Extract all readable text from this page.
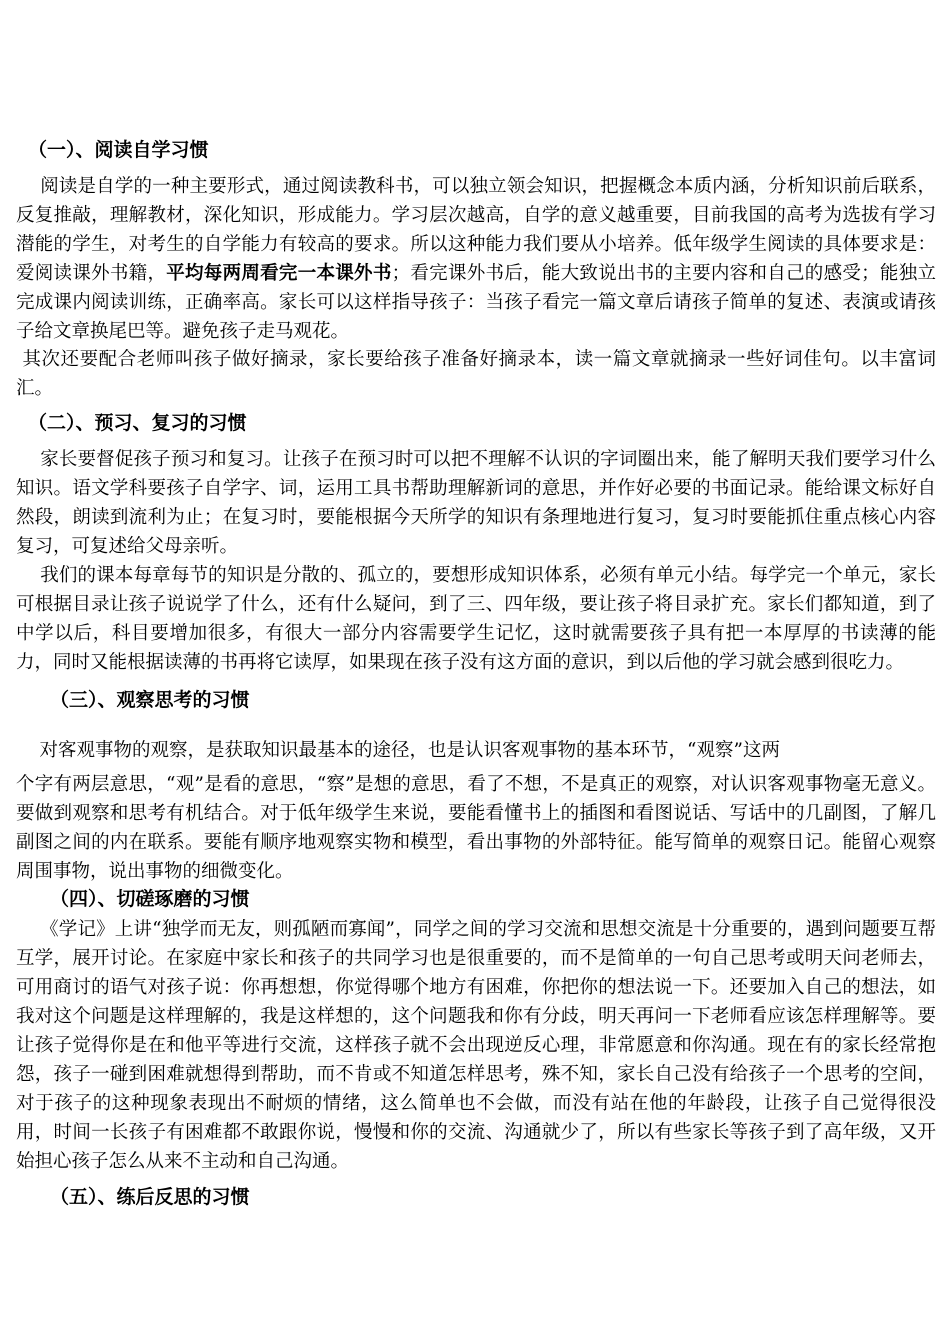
（一）、阅读自学习惯
阅读是自学的一种主要形式，通过阅读教科书，可以独立领会知识，把握概念本质内涵，分析知识前后联系，反复推敲，理解教材，深化知识，形成能力。学习层次越高，自学的意义越重要，目前我国的高考为选拔有学习潜能的学生，对考生的自学能力有较高的要求。所以这种能力我们要从小培养。低年级学生阅读的具体要求是：爱阅读课外书籍，平均每两周看完一本课外书；看完课外书后，能大致说出书的主要内容和自己的感受；能独立完成课内阅读训练，正确率高。家长可以这样指导孩子：当孩子看完一篇文章后请孩子简单的复述、表演或请孩子给文章换尾巴等。避免孩子走马观花。
其次还要配合老师叫孩子做好摘录，家长要给孩子准备好摘录本，读一篇文章就摘录一些好词佳句。以丰富词汇。
（二）、预习、复习的习惯
家长要督促孩子预习和复习。让孩子在预习时可以把不理解不认识的字词圈出来，能了解明天我们要学习什么知识。语文学科要孩子自学字、词，运用工具书帮助理解新词的意思，并作好必要的书面记录。能给课文标好自然段，朗读到流利为止；在复习时，要能根据今天所学的知识有条理地进行复习，复习时要能抓住重点核心内容复习，可复述给父母亲听。
我们的课本每章每节的知识是分散的、孤立的，要想形成知识体系，必须有单元小结。每学完一个单元，家长可根据目录让孩子说说学了什么，还有什么疑问，到了三、四年级，要让孩子将目录扩充。家长们都知道，到了中学以后，科目要增加很多，有很大一部分内容需要学生记忆，这时就需要孩子具有把一本厚厚的书读薄的能力，同时又能根据读薄的书再将它读厚，如果现在孩子没有这方面的意识，到以后他的学习就会感到很吃力。
（三）、观察思考的习惯
对客观事物的观察，是获取知识最基本的途径，也是认识客观事物的基本环节，“观察”这两
个字有两层意思，“观”是看的意思，“察”是想的意思，看了不想，不是真正的观察，对认识客观事物毫无意义。要做到观察和思考有机结合。对于低年级学生来说，要能看懂书上的插图和看图说话、写话中的几副图，了解几副图之间的内在联系。要能有顺序地观察实物和模型，看出事物的外部特征。能写简单的观察日记。能留心观察周围事物，说出事物的细微变化。
（四）、切磋琢磨的习惯
《学记》上讲“独学而无友，则孤陋而寡闻”，同学之间的学习交流和思想交流是十分重要的，遇到问题要互帮互学，展开讨论。在家庭中家长和孩子的共同学习也是很重要的，而不是简单的一句自己思考或明天问老师去，可用商讨的语气对孩子说：你再想想，你觉得哪个地方有困难，你把你的想法说一下。还要加入自己的想法，如我对这个问题是这样理解的，我是这样想的，这个问题我和你有分歧，明天再问一下老师看应该怎样理解等。要让孩子觉得你是在和他平等进行交流，这样孩子就不会出现逆反心理，非常愿意和你沟通。现在有的家长经常抱怨，孩子一碰到困难就想得到帮助，而不肯或不知道怎样思考，殊不知，家长自己没有给孩子一个思考的空间，对于孩子的这种现象表现出不耐烦的情绪，这么简单也不会做，而没有站在他的年龄段，让孩子自己觉得很没用，时间一长孩子有困难都不敢跟你说，慢慢和你的交流、沟通就少了，所以有些家长等孩子到了高年级，又开始担心孩子怎么从来不主动和自己沟通。
（五）、练后反思的习惯
